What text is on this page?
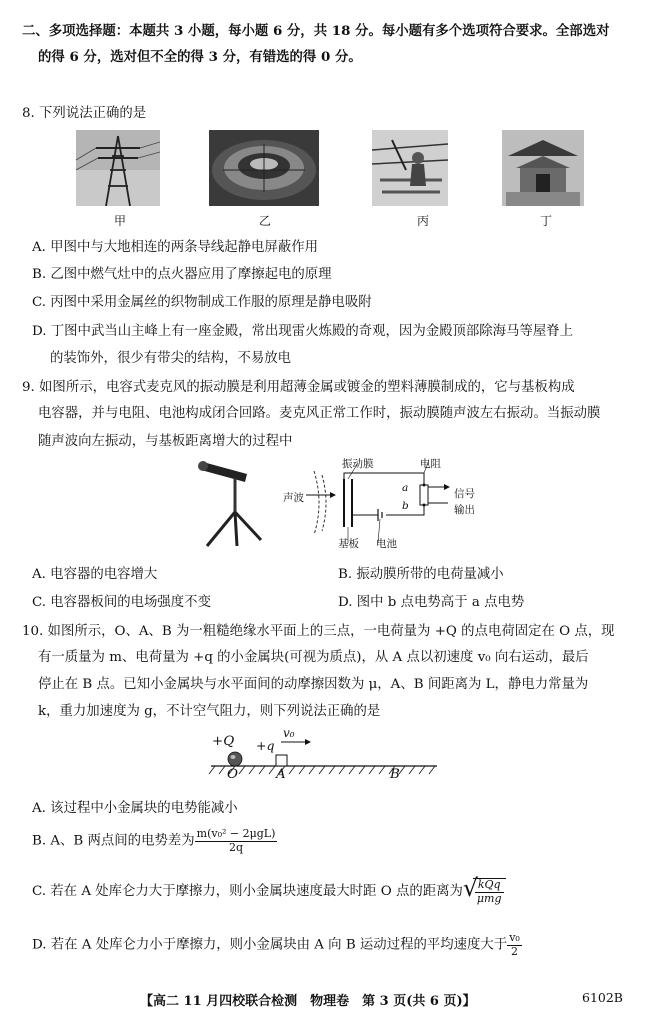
二、多项选择题：本题共 3 小题，每小题 6 分，共 18 分。每小题有多个选项符合要求。全部选对
的得 6 分，选对但不全的得 3 分，有错选的得 0 分。
8. 下列说法正确的是
甲	乙	丙	丁
A. 甲图中与大地相连的两条导线起静电屏蔽作用
B. 乙图中燃气灶中的点火器应用了摩擦起电的原理
C. 丙图中采用金属丝的织物制成工作服的原理是静电吸附
D. 丁图中武当山主峰上有一座金殿，常出现雷火炼殿的奇观，因为金殿顶部除海马等屋脊上
的装饰外，很少有带尖的结构，不易放电
9. 如图所示，电容式麦克风的振动膜是利用超薄金属或镀金的塑料薄膜制成的，它与基板构成
电容器，并与电阻、电池构成闭合回路。麦克风正常工作时，振动膜随声波左右振动。当振动膜
随声波向左振动，与基板距离增大的过程中
振动膜	电阻
声波
a
b
信号
输出
基板 电池
A. 电容器的电容增大	B. 振动膜所带的电荷量减小
C. 电容器板间的电场强度不变	D. 图中 b 点电势高于 a 点电势
10. 如图所示，O、A、B 为一粗糙绝缘水平面上的三点，一电荷量为 +Q 的点电荷固定在 O 点，现
有一质量为 m、电荷量为 +q 的小金属块(可视为质点)，从 A 点以初速度 v₀ 向右运动，最后
停止在 B 点。已知小金属块与水平面间的动摩擦因数为 μ，A、B 间距离为 L，静电力常量为
k，重力加速度为 g，不计空气阻力，则下列说法正确的是
+Q +q
v₀
O	A	B
A. 该过程中小金属块的电势能减小
B. A、B 两点间的电势差为 $\frac{\text{m(v₀² − 2μgL)}}{2q}$
C. 若在 A 处库仑力大于摩擦力，则小金属块速度最大时距 O 点的距离为 √
$\frac{\text{kQq}}{\text{μmg}}$
D. 若在 A 处库仑力小于摩擦力，则小金属块由 A 向 B 运动过程的平均速度大于 $\frac{\text{v₀}}{2}$
【高二 11 月四校联合检测　物理卷　第 3 页(共 6 页)】	6102B
